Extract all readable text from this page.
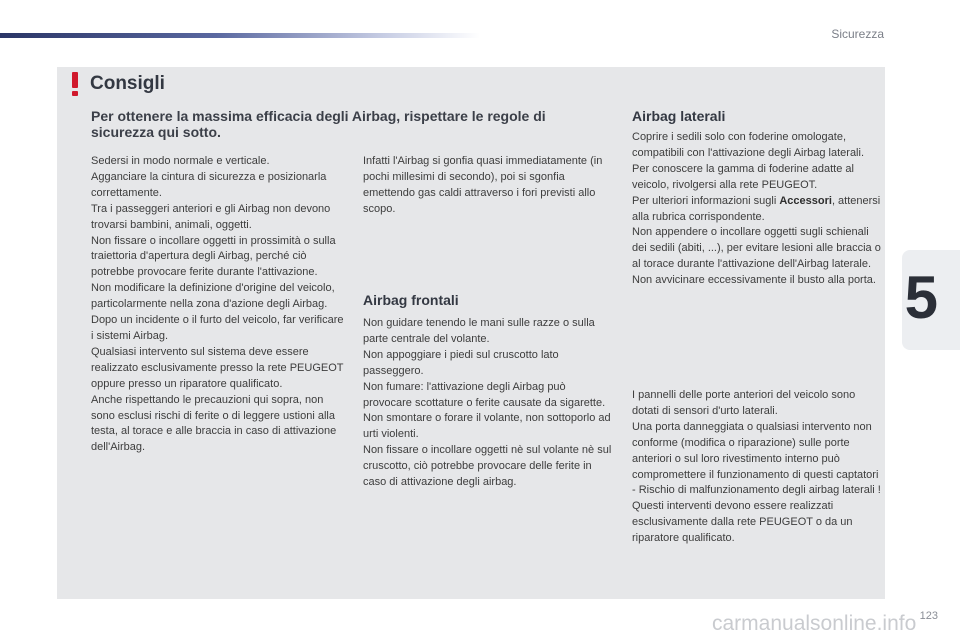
Sicurezza
5
Consigli
Per ottenere la massima efficacia degli Airbag, rispettare le regole di sicurezza qui sotto.

Sedersi in modo normale e verticale.

Agganciare la cintura di sicurezza e posizionarla correttamente.

Tra i passeggeri anteriori e gli Airbag non devono trovarsi bambini, animali, oggetti.

Non fissare o incollare oggetti in prossimità o sulla traiettoria d'apertura degli Airbag, perché ciò potrebbe provocare ferite durante l'attivazione.

Non modificare la definizione d'origine del veicolo, particolarmente nella zona d'azione degli Airbag.

Dopo un incidente o il furto del veicolo, far verificare i sistemi Airbag.

Qualsiasi intervento sul sistema deve essere realizzato esclusivamente presso la rete PEUGEOT oppure presso un riparatore qualificato.

Anche rispettando le precauzioni qui sopra, non sono esclusi rischi di ferite o di leggere ustioni alla testa, al torace e alle braccia in caso di attivazione dell'Airbag.

Infatti l'Airbag si gonfia quasi immediatamente (in pochi millesimi di secondo), poi si sgonfia emettendo gas caldi attraverso i fori previsti allo scopo.

Airbag frontali

Non guidare tenendo le mani sulle razze o sulla parte centrale del volante.

Non appoggiare i piedi sul cruscotto lato passeggero.

Non fumare: l'attivazione degli Airbag può provocare scottature o ferite causate da sigarette.

Non smontare o forare il volante, non sottoporlo ad urti violenti.

Non fissare o incollare oggetti nè sul volante nè sul cruscotto, ciò potrebbe provocare delle ferite in caso di attivazione degli airbag.

Airbag laterali

Coprire i sedili solo con foderine omologate, compatibili con l'attivazione degli Airbag laterali. Per conoscere la gamma di foderine adatte al veicolo, rivolgersi alla rete PEUGEOT.

Per ulteriori informazioni sugli Accessori, attenersi alla rubrica corrispondente.

Non appendere o incollare oggetti sugli schienali dei sedili (abiti, ...), per evitare lesioni alle braccia o al torace durante l'attivazione dell'Airbag laterale.

Non avvicinare eccessivamente il busto alla porta.

I pannelli delle porte anteriori del veicolo sono dotati di sensori d'urto laterali.

Una porta danneggiata o qualsiasi intervento non conforme (modifica o riparazione) sulle porte anteriori o sul loro rivestimento interno può compromettere il funzionamento di questi captatori - Rischio di malfunzionamento degli airbag laterali !

Questi interventi devono essere realizzati esclusivamente dalla rete PEUGEOT o da un riparatore qualificato.

123
carmanualsonline.info
